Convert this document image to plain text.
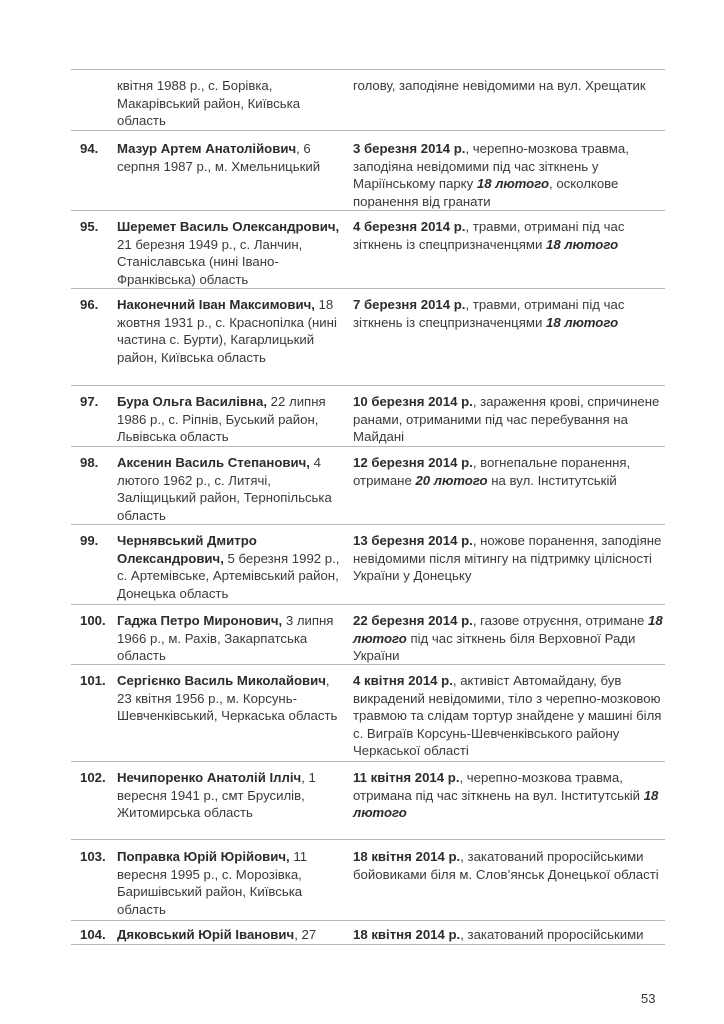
квітня 1988 р., с. Борівка, Макарівський район, Київська область
голову, заподіяне невідомими на вул. Хрещатик
94. Мазур Артем Анатолійович, 6 серпня 1987 р., м. Хмельницький
3 березня 2014 р., черепно-мозкова травма, заподіяна невідомими під час зіткнень у Маріїнському парку 18 лютого, осколкове поранення від гранати
95. Шеремет Василь Олександрович, 21 березня 1949 р., с. Ланчин, Станіславська (нині Івано-Франківська) область
4 березня 2014 р., травми, отримані під час зіткнень із спецпризначенцями 18 лютого
96. Наконечний Іван Максимович, 18 жовтня 1931 р., с. Краснопілка (нині частина с. Бурти), Кагарлицький район, Київська область
7 березня 2014 р., травми, отримані під час зіткнень із спецпризначенцями 18 лютого
97. Бура Ольга Василівна, 22 липня 1986 р., с. Ріпнів, Буський район, Львівська область
10 березня 2014 р., зараження крові, спричинене ранами, отриманими під час перебування на Майдані
98. Аксенин Василь Степанович, 4 лютого 1962 р., с. Литячі, Заліщицький район, Тернопільська область
12 березня 2014 р., вогнепальне поранення, отримане 20 лютого на вул. Інститутській
99. Чернявський Дмитро Олександрович, 5 березня 1992 р., с. Артемівське, Артемівський район, Донецька область
13 березня 2014 р., ножове поранення, заподіяне невідомими після мітингу на підтримку цілісності України у Донецьку
100. Гаджа Петро Миронович, 3 липня 1966 р., м. Рахів, Закарпатська область
22 березня 2014 р., газове отруєння, отримане 18 лютого під час зіткнень біля Верховної Ради України
101. Сергієнко Василь Миколайович, 23 квітня 1956 р., м. Корсунь-Шевченківський, Черкаська область
4 квітня 2014 р., активіст Автомайдану, був викрадений невідомими, тіло з черепно-мозковою травмою та слідам тортур знайдене у машині біля с. Виграїв Корсунь-Шевченківського району Черкаської області
102. Нечипоренко Анатолій Ілліч, 1 вересня 1941 р., смт Брусилів, Житомирська область
11 квітня 2014 р., черепно-мозкова травма, отримана під час зіткнень на вул. Інститутській 18 лютого
103. Поправка Юрій Юрійович, 11 вересня 1995 р., с. Морозівка, Баришівський район, Київська область
18 квітня 2014 р., закатований проросійськими бойовиками біля м. Слов’янськ Донецької області
104. Дяковський Юрій Іванович, 27	18 квітня 2014 р., закатований проросійськими
53
